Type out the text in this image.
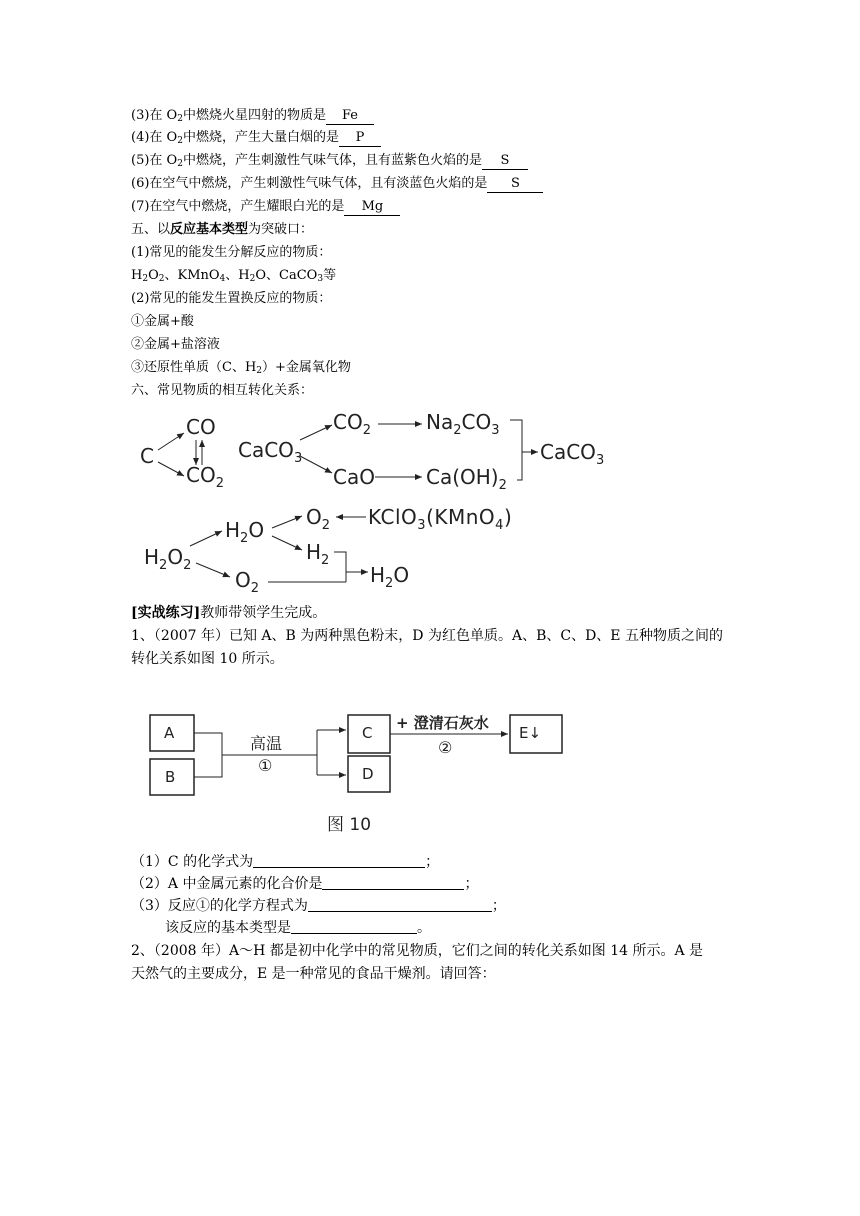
(3)在 $O_2$中燃烧火星四射的物质是 Fe
(4)在 $O_2$中燃烧，产生大量白烟的是 P
(5)在 $O_2$中燃烧，产生刺激性气味气体，且有蓝紫色火焰的是 S
(6)在空气中燃烧，产生刺激性气味气体，且有淡蓝色火焰的是 S
(7)在空气中燃烧，产生耀眼白光的是 Mg
五、以反应基本类型为突破口：
(1)常见的能发生分解反应的物质：
$H_2O_2$、KMnO$_4$、$H_2O$、CaCO$_3$等
(2)常见的能发生置换反应的物质：
①金属+酸
②金属+盐溶液
③还原性单质（C、$H_2)+$金属氧化物
六、常见物质的相互转化关系：
C
CO
$CO_2$
CaCO$_3$
$CO_2$
CaO
$Na_2CO_3$
$Ca(OH)_2$
CaCO$_3$
$H_2O_2$
$H_2O$
$O_2$ KClO$_3$(KMnO$_4$)
$H_2$
$O_2$
$H_2O$
[实战练习]教师带领学生完成。
1、（2007 年）已知 A、B 为两种黑色粉末，D 为红色单质。A、B、C、D、E 五种物质之间的
转化关系如图 10 所示。
A
B
C
D
E↓
高温
①
+ 澄清石灰水
②
图 10
（1）C 的化学式为	；
（2）A 中金属元素的化合价是	；
（3）反应①的化学方程式为	；
该反应的基本类型是	。
2、（2008 年）A～H 都是初中化学中的常见物质，它们之间的转化关系如图 14 所示。A 是
天然气的主要成分，E 是一种常见的食品干燥剂。请回答：
